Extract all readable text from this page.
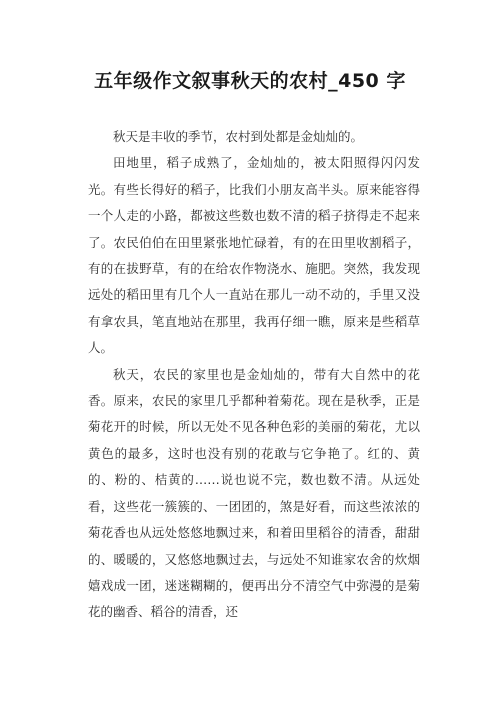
五年级作文叙事秋天的农村_450 字

秋天是丰收的季节，农村到处都是金灿灿的。

田地里，稻子成熟了，金灿灿的，被太阳照得闪闪发光。有些长得好的稻子，比我们小朋友高半头。原来能容得一个人走的小路，都被这些数也数不清的稻子挤得走不起来了。农民伯伯在田里紧张地忙碌着，有的在田里收割稻子，有的在拔野草，有的在给农作物浇水、施肥。突然，我发现远处的稻田里有几个人一直站在那儿一动不动的，手里又没有拿农具，笔直地站在那里，我再仔细一瞧，原来是些稻草人。

秋天，农民的家里也是金灿灿的，带有大自然中的花香。原来，农民的家里几乎都种着菊花。现在是秋季，正是菊花开的时候，所以无处不见各种色彩的美丽的菊花，尤以黄色的最多，这时也没有别的花敢与它争艳了。红的、黄的、粉的、桔黄的……说也说不完，数也数不清。从远处看，这些花一簇簇的、一团团的，煞是好看，而这些浓浓的菊花香也从远处悠悠地飘过来，和着田里稻谷的清香，甜甜的、暖暖的，又悠悠地飘过去，与远处不知谁家农舍的炊烟嬉戏成一团，迷迷糊糊的，便再出分不清空气中弥漫的是菊花的幽香、稻谷的清香，还
